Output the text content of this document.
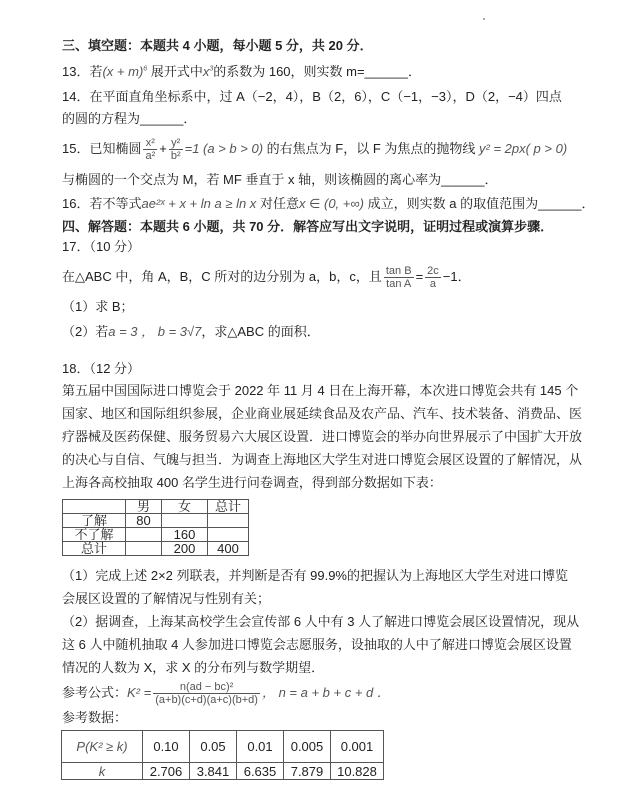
三、填空题：本题共 4 小题，每小题 5 分，共 20 分．
13．若$(x + m)^6$ 展开式中$x^3$的系数为 160，则实数 m=______．
14．在平面直角坐标系中，过 A（−2，4），B（2，6），C（−1，−3），D（2，−4）四点
的圆的方程为______．
15．已知椭圆 $\frac{\text{x²}}{\text{a²}} + \frac{\text{y²}}{\text{b²}} =1$ (a > b > 0) 的右焦点为 F，以 F 为焦点的抛物线 y² = 2px( p > 0)
与椭圆的一个交点为 M，若 MF 垂直于 x 轴，则该椭圆的离心率为______．
16．若不等式ae²ˣ + x + ln a ≥ ln x 对任意x ∈ (0, +∞) 成立，则实数 a 的取值范围为______．
四、解答题：本题共 6 小题，共 70 分．解答应写出文字说明，证明过程或演算步骤．
17．（10 分）
在△ABC 中，角 A，B，C 所对的边分别为 a，b，c，且 $\frac{\text{tan B}}{\text{tan A}} = \frac{2c}{a} -1$．
（1）求 B；
（2）若a = 3 ， b = 3√7，求△ABC 的面积．
18．（12 分）
第五届中国国际进口博览会于 2022 年 11 月 4 日在上海开幕，本次进口博览会共有 145 个
国家、地区和国际组织参展，企业商业展延续食品及农产品、汽车、技术装备、消费品、医
疗器械及医药保健、服务贸易六大展区设置．进口博览会的举办向世界展示了中国扩大开放
的决心与自信、气魄与担当．为调查上海地区大学生对进口博览会展区设置的了解情况，从
上海各高校抽取 400 名学生进行问卷调查，得到部分数据如下表：
	男	女	总计
了解	80		
不了解		160	
总计		200	400
（1）完成上述 2×2 列联表，并判断是否有 99.9%的把握认为上海地区大学生对进口博览
会展区设置的了解情况与性别有关；
（2）据调查，上海某高校学生会宣传部 6 人中有 3 人了解进口博览会展区设置情况，现从
这 6 人中随机抽取 4 人参加进口博览会志愿服务，设抽取的人中了解进口博览会展区设置
情况的人数为 X，求 X 的分布列与数学期望．
参考公式：$K^2 = \frac{\text{n(ad − bc)²}}{(a+b)(c+d)(a+c)(b+d)}$ ， n = a + b + c + d ．
参考数据：
P(K² ≥ k)	0.10	0.05	0.01	0.005	0.001
k	2.706	3.841	6.635	7.879	10.828
